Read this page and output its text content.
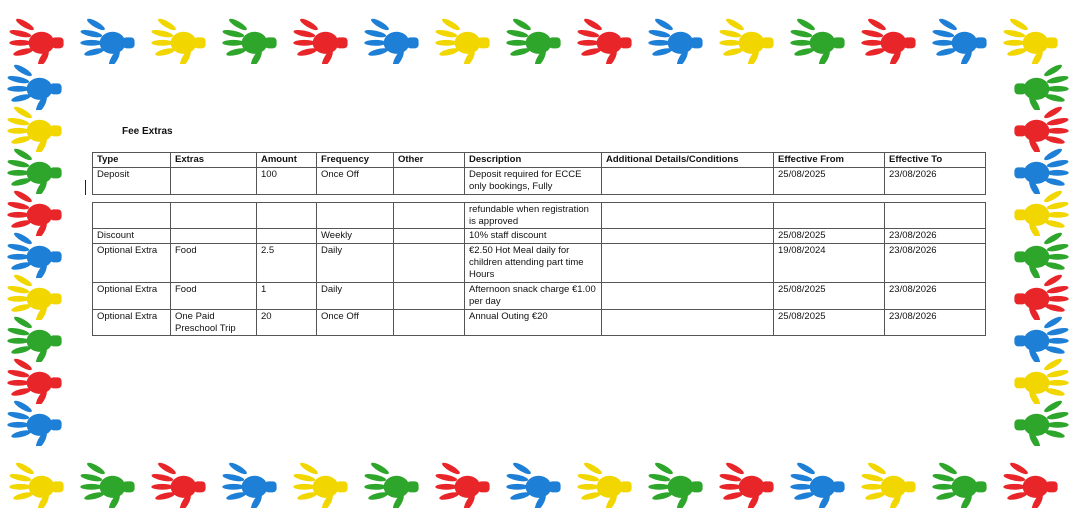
Fee Extras
Type	Extras	Amount	Frequency	Other	Description	Additional Details/Conditions	Effective From	Effective To
Deposit		100	Once Off		Deposit required for ECCE only bookings, Fully		25/08/2025	23/08/2026

					refundable when registration is approved			
Discount			Weekly		10% staff discount		25/08/2025	23/08/2026
Optional Extra	Food	2.5	Daily		€2.50 Hot Meal daily for children attending part time Hours		19/08/2024	23/08/2026
Optional Extra	Food	1	Daily		Afternoon snack charge €1.00 per day		25/08/2025	23/08/2026
Optional Extra	One Paid Preschool Trip	20	Once Off		Annual Outing €20		25/08/2025	23/08/2026
